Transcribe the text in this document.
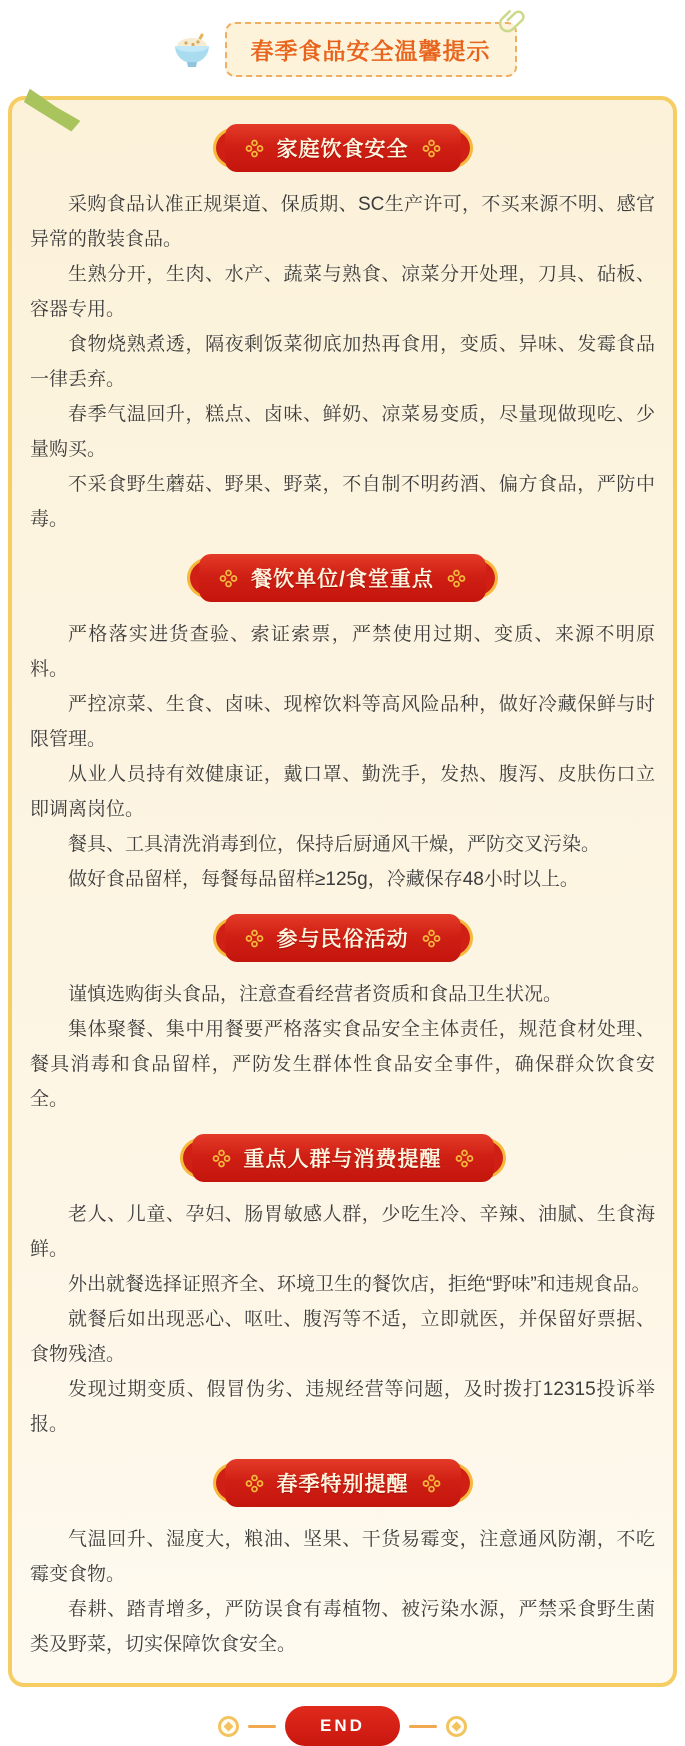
春季食品安全温馨提示
家庭饮食安全

采购食品认准正规渠道、保质期、SC生产许可，不买来源不明、感官异常的散装食品。

生熟分开，生肉、水产、蔬菜与熟食、凉菜分开处理，刀具、砧板、容器专用。

食物烧熟煮透，隔夜剩饭菜彻底加热再食用，变质、异味、发霉食品一律丢弃。

春季气温回升，糕点、卤味、鲜奶、凉菜易变质，尽量现做现吃、少量购买。

不采食野生蘑菇、野果、野菜，不自制不明药酒、偏方食品，严防中毒。

餐饮单位/食堂重点

严格落实进货查验、索证索票，严禁使用过期、变质、来源不明原料。

严控凉菜、生食、卤味、现榨饮料等高风险品种，做好冷藏保鲜与时限管理。

从业人员持有效健康证，戴口罩、勤洗手，发热、腹泻、皮肤伤口立即调离岗位。

餐具、工具清洗消毒到位，保持后厨通风干燥，严防交叉污染。

做好食品留样，每餐每品留样≥125g，冷藏保存48小时以上。

参与民俗活动

谨慎选购街头食品，注意查看经营者资质和食品卫生状况。

集体聚餐、集中用餐要严格落实食品安全主体责任，规范食材处理、餐具消毒和食品留样，严防发生群体性食品安全事件，确保群众饮食安全。

重点人群与消费提醒

老人、儿童、孕妇、肠胃敏感人群，少吃生冷、辛辣、油腻、生食海鲜。

外出就餐选择证照齐全、环境卫生的餐饮店，拒绝“野味”和违规食品。

就餐后如出现恶心、呕吐、腹泻等不适，立即就医，并保留好票据、食物残渣。

发现过期变质、假冒伪劣、违规经营等问题，及时拨打12315投诉举报。

春季特别提醒

气温回升、湿度大，粮油、坚果、干货易霉变，注意通风防潮，不吃霉变食物。

春耕、踏青增多，严防误食有毒植物、被污染水源，严禁采食野生菌类及野菜，切实保障饮食安全。

END
